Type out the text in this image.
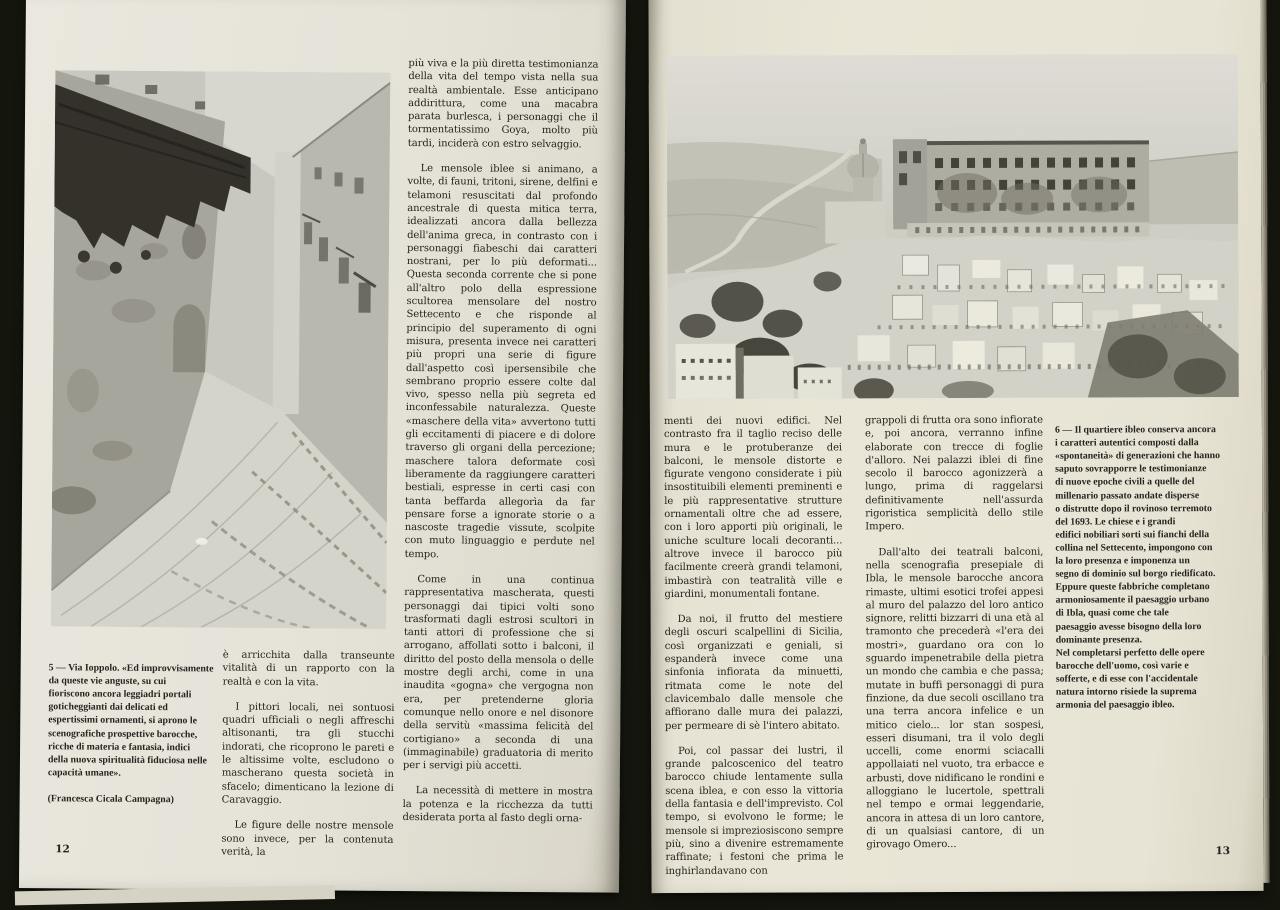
5 — Via Ioppolo. «Ed improvvisamente
da queste vie anguste, su cui
fioriscono ancora leggiadri portali
goticheggianti dai delicati ed
espertissimi ornamenti, si aprono le
scenografiche prospettive barocche,
ricche di materia e fantasia, indici
della nuova spiritualità fiduciosa nelle
capacità umane».

(Francesca Cicala Campagna)

è arricchita dalla transeunte vitalità di un rapporto con la realtà e con la vita.

I pittori locali, nei sontuosi quadri ufficiali o negli affreschi altisonanti, tra gli stucchi indorati, che ricoprono le pareti e le altissime volte, escludono o mascherano questa società in sfacelo; dimenticano la lezione di Caravaggio.

Le figure delle nostre mensole sono invece, per la contenuta verità, la

più viva e la più diretta testimonianza della vita del tempo vista nella sua realtà ambientale. Esse anticipano addirittura, come una macabra parata burlesca, i personaggi che il tormentatissimo Goya, molto più tardi, inciderà con estro selvaggio.

Le mensole iblee si animano, a volte, di fauni, tritoni, sirene, delfini e telamoni resuscitati dal profondo ancestrale di questa mitica terra, idealizzati ancora dalla bellezza dell'anima greca, in contrasto con i personaggi fiabeschi dai caratteri nostrani, per lo più deformati... Questa seconda corrente che si pone all'altro polo della espressione scultorea mensolare del nostro Settecento e che risponde al principio del superamento di ogni misura, presenta invece nei caratteri più propri una serie di figure dall'aspetto così ipersensibile che sembrano proprio essere colte dal vivo, spesso nella più segreta ed inconfessabile naturalezza. Queste «maschere della vita» avvertono tutti gli eccitamenti di piacere e di dolore traverso gli organi della percezione; maschere talora deformate così liberamente da raggiungere caratteri bestiali, espresse in certi casi con tanta beffarda allegorìa da far pensare forse a ignorate storie o a nascoste tragedie vissute, scolpite con muto linguaggio e perdute nel tempo.

Come in una continua rappresentativa mascherata, questi personaggi dai tipici volti sono trasformati dagli estrosi scultori in tanti attori di professione che si arrogano, affollati sotto i balconi, il diritto del posto della mensola o delle mostre degli archi, come in una inaudita «gogna» che vergogna non era, per pretenderne gloria comunque nello onore e nel disonore della servitù «massima felicità del cortigiano» a seconda di una (immaginabile) graduatoria di merito per i servigi più accetti.

La necessità di mettere in mostra la potenza e la ricchezza da tutti desiderata porta al fasto degli orna-

12

menti dei nuovi edifici. Nel contrasto fra il taglio reciso delle mura e le protuberanze dei balconi, le mensole distorte e figurate vengono considerate i più insostituibili elementi preminenti e le più rappresentative strutture ornamentali oltre che ad essere, con i loro apporti più originali, le uniche sculture locali decoranti... altrove invece il barocco più facilmente creerà grandi telamoni, imbastirà con teatralità ville e giardini, monumentali fontane.

Da noi, il frutto del mestiere degli oscuri scalpellini di Sicilia, così organizzati e geniali, si espanderà invece come una sinfonia infiorata da minuetti, ritmata come le note del clavicembalo dalle mensole che affiorano dalle mura dei palazzi, per permeare di sè l'intero abitato.

Poi, col passar dei lustri, il grande palcoscenico del teatro barocco chiude lentamente sulla scena iblea, e con esso la vittoria della fantasia e dell'imprevisto. Col tempo, si evolvono le forme; le mensole si impreziosiscono sempre più, sino a divenire estremamente raffinate; i festoni che prima le inghirlandavano con

grappoli di frutta ora sono infiorate e, poi ancora, verranno infine elaborate con trecce di foglie d'alloro. Nei palazzi iblei di fine secolo il barocco agonizzerà a lungo, prima di raggelarsi definitivamente nell'assurda rigoristica semplicità dello stile Impero.

Dall'alto dei teatrali balconi, nella scenografia presepiale di Ibla, le mensole barocche ancora rimaste, ultimi esotici trofei appesi al muro del palazzo del loro antico signore, relitti bizzarri di una età al tramonto che precederà «l'era dei mostri», guardano ora con lo sguardo impenetrabile della pietra un mondo che cambia e che passa; mutate in buffi personaggi di pura finzione, da due secoli oscillano tra una terra ancora infelice e un mitico cielo... lor stan sospesi, esseri disumani, tra il volo degli uccelli, come enormi sciacalli appollaiati nel vuoto, tra erbacce e arbusti, dove nidificano le rondini e alloggiano le lucertole, spettrali nel tempo e ormai leggendarie, ancora in attesa di un loro cantore, di un qualsiasi cantore, di un girovago Omero...

6 — Il quartiere ibleo conserva ancora
i caratteri autentici composti dalla
«spontaneità» di generazioni che hanno
saputo sovrapporre le testimonianze
di nuove epoche civili a quelle del
millenario passato andate disperse
o distrutte dopo il rovinoso terremoto
del 1693. Le chiese e i grandi
edifici nobiliari sorti sui fianchi della
collina nel Settecento, impongono con
la loro presenza e imponenza un
segno di dominio sul borgo riedificato.
Eppure queste fabbriche completano
armoniosamente il paesaggio urbano
di Ibla, quasi come che tale
paesaggio avesse bisogno della loro
dominante presenza.
Nel completarsi perfetto delle opere
barocche dell'uomo, così varie e
sofferte, e di esse con l'accidentale
natura intorno risiede la suprema
armonia del paesaggio ibleo.

13
